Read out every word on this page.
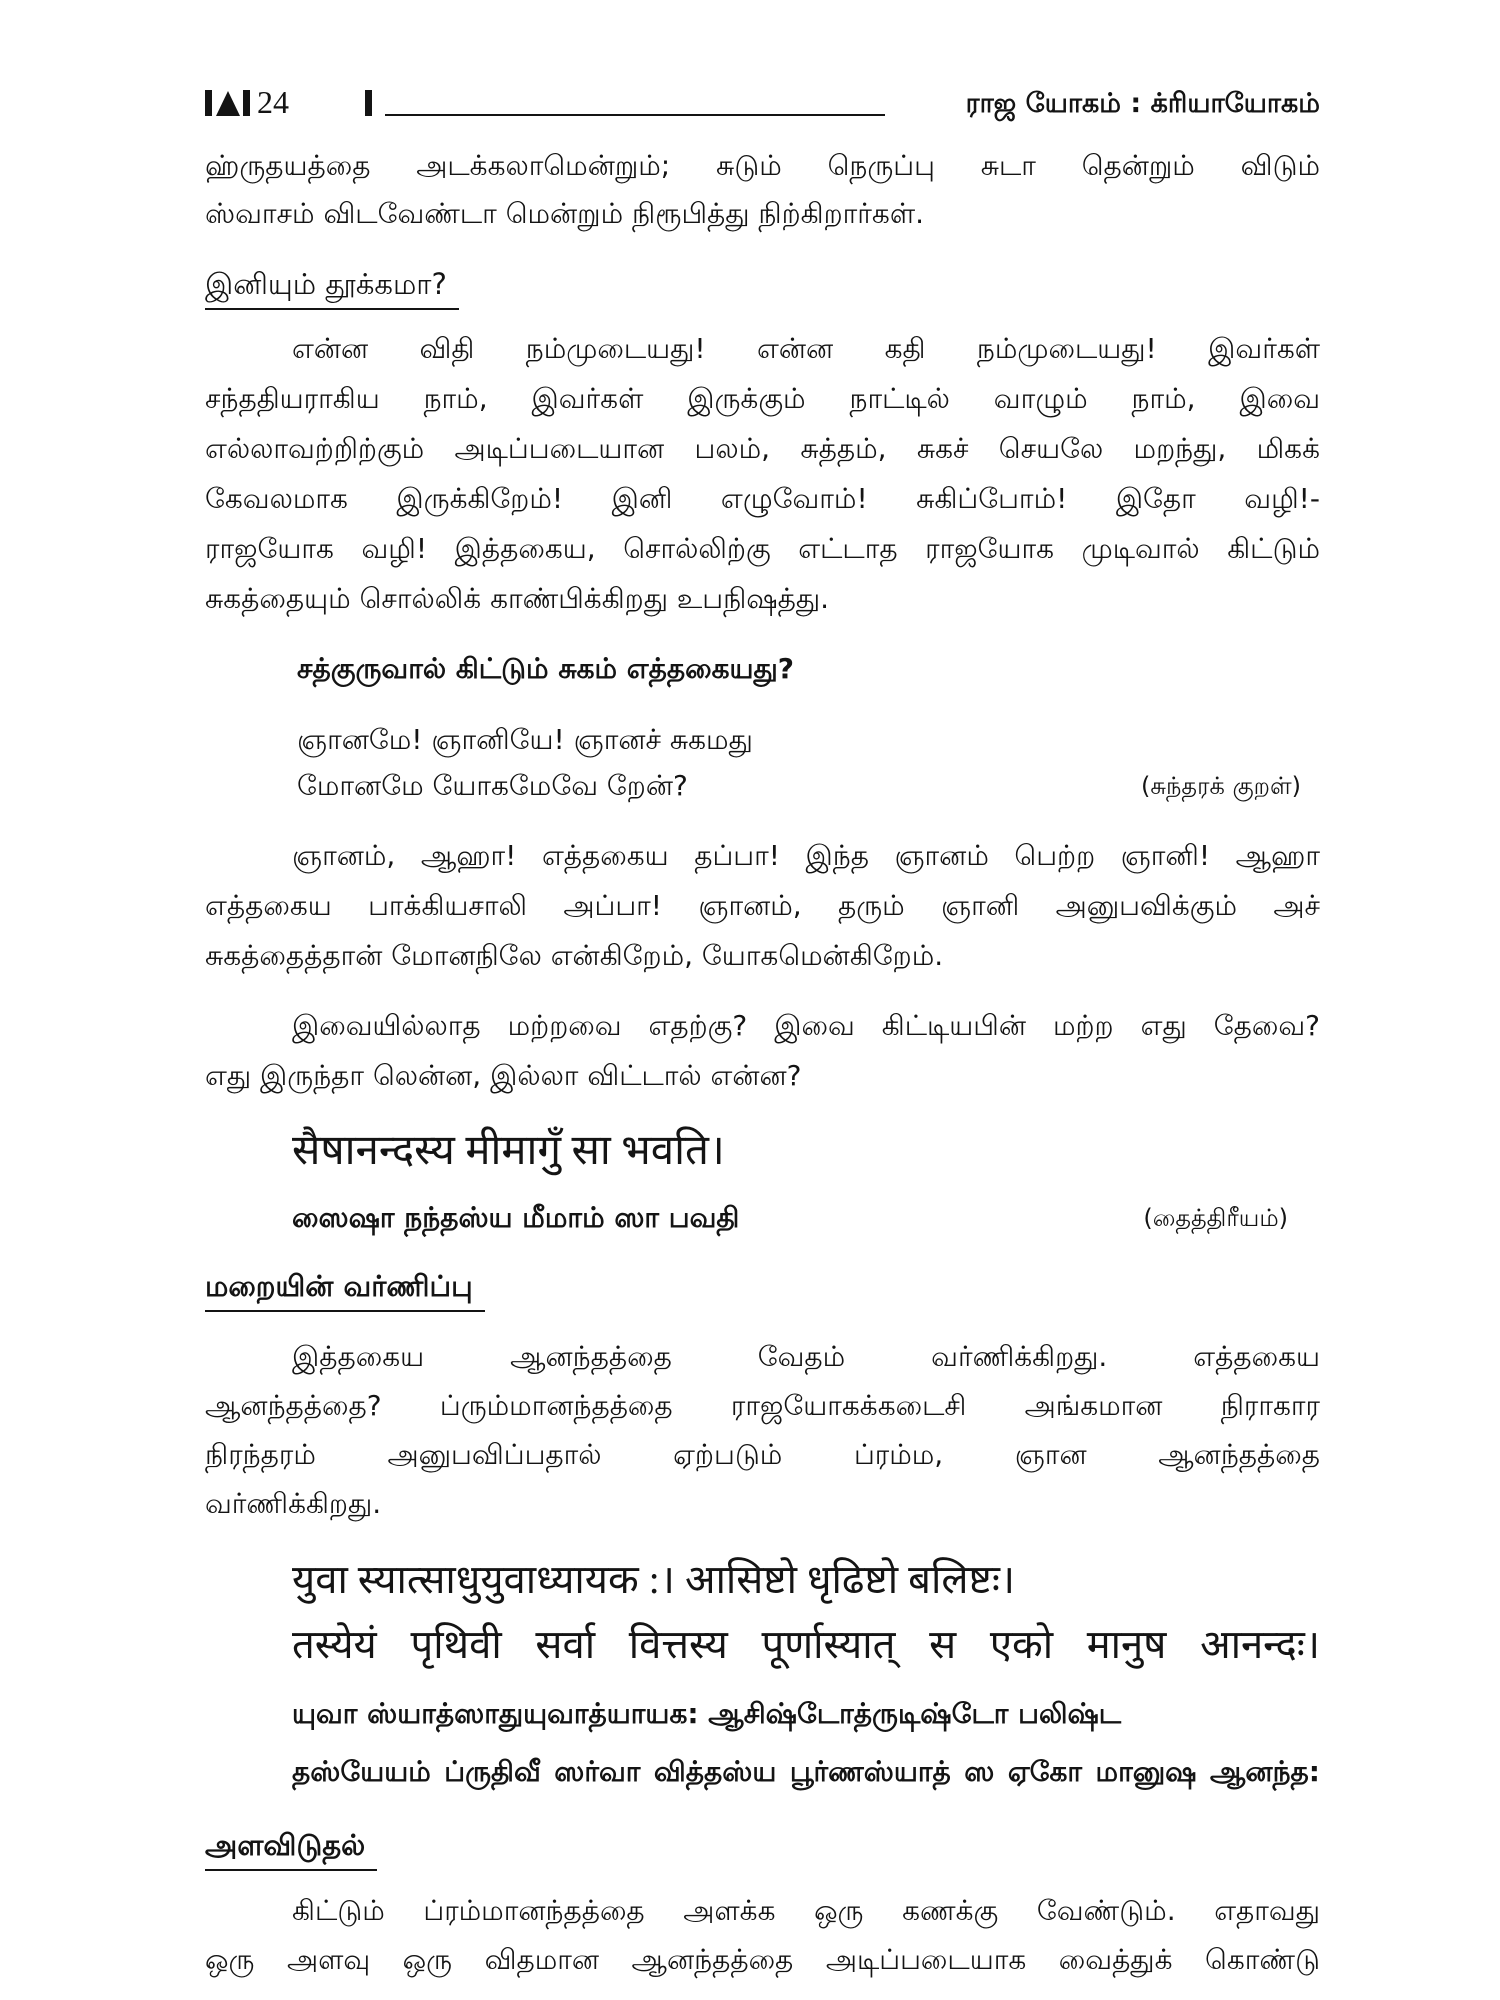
24	ராஜ யோகம் : க்ரியாயோகம்
ஹ்ருதயத்தை அடக்கலாமென்றும்; சுடும் நெருப்பு சுடா தென்றும் விடும்
ஸ்வாசம் விடவேண்டா மென்றும் நிரூபித்து நிற்கிறார்கள்.
இனியும் தூக்கமா?
என்ன விதி நம்முடையது! என்ன கதி நம்முடையது! இவர்கள்
சந்ததியராகிய நாம், இவர்கள் இருக்கும் நாட்டில் வாழும் நாம், இவை
எல்லாவற்றிற்கும் அடிப்படையான பலம், சுத்தம், சுகச் செயலே மறந்து, மிகக்
கேவலமாக இருக்கிறேம்! இனி எழுவோம்! சுகிப்போம்! இதோ வழி!-
ராஜயோக வழி! இத்தகைய, சொல்லிற்கு எட்டாத ராஜயோக முடிவால் கிட்டும்
சுகத்தையும் சொல்லிக் காண்பிக்கிறது உபநிஷத்து.
சத்குருவால் கிட்டும் சுகம் எத்தகையது?
ஞானமே! ஞானியே! ஞானச் சுகமது
மோனமே யோகமேவே றேன்?	(சுந்தரக் குறள்)
ஞானம், ஆஹா! எத்தகைய தப்பா! இந்த ஞானம் பெற்ற ஞானி! ஆஹா
எத்தகைய பாக்கியசாலி அப்பா! ஞானம், தரும் ஞானி அனுபவிக்கும் அச்
சுகத்தைத்தான் மோனநிலே என்கிறேம், யோகமென்கிறேம்.
இவையில்லாத மற்றவை எதற்கு? இவை கிட்டியபின் மற்ற எது தேவை?
எது இருந்தா லென்ன, இல்லா விட்டால் என்ன?
सैषानन्दस्य मीमागुँ सा भवति।
ஸைஷா நந்தஸ்ய மீமாம் ஸா பவதி	(தைத்திரீயம்)
மறையின் வர்ணிப்பு
இத்தகைய ஆனந்தத்தை வேதம் வர்ணிக்கிறது. எத்தகைய
ஆனந்தத்தை? ப்ரும்மானந்தத்தை ராஜயோகக்கடைசி அங்கமான நிராகார
நிரந்தரம் அனுபவிப்பதால் ஏற்படும் ப்ரம்ம, ஞான ஆனந்தத்தை
வர்ணிக்கிறது.
युवा स्यात्साधुयुवाध्यायक :। आसिष्टो धृढिष्टो बलिष्टः।
तस्येयं पृथिवी सर्वा वित्तस्य पूर्णास्यात् स एको मानुष आनन्दः।
யுவா ஸ்யாத்ஸாதுயுவாத்யாயக: ஆசிஷ்டோத்ருடிஷ்டோ பலிஷ்ட
தஸ்யேயம் ப்ருதிவீ ஸர்வா வித்தஸ்ய பூர்ணஸ்யாத் ஸ ஏகோ மானுஷ ஆனந்த:
அளவிடுதல்
கிட்டும் ப்ரம்மானந்தத்தை அளக்க ஒரு கணக்கு வேண்டும். எதாவது
ஒரு அளவு ஒரு விதமான ஆனந்தத்தை அடிப்படையாக வைத்துக் கொண்டு
